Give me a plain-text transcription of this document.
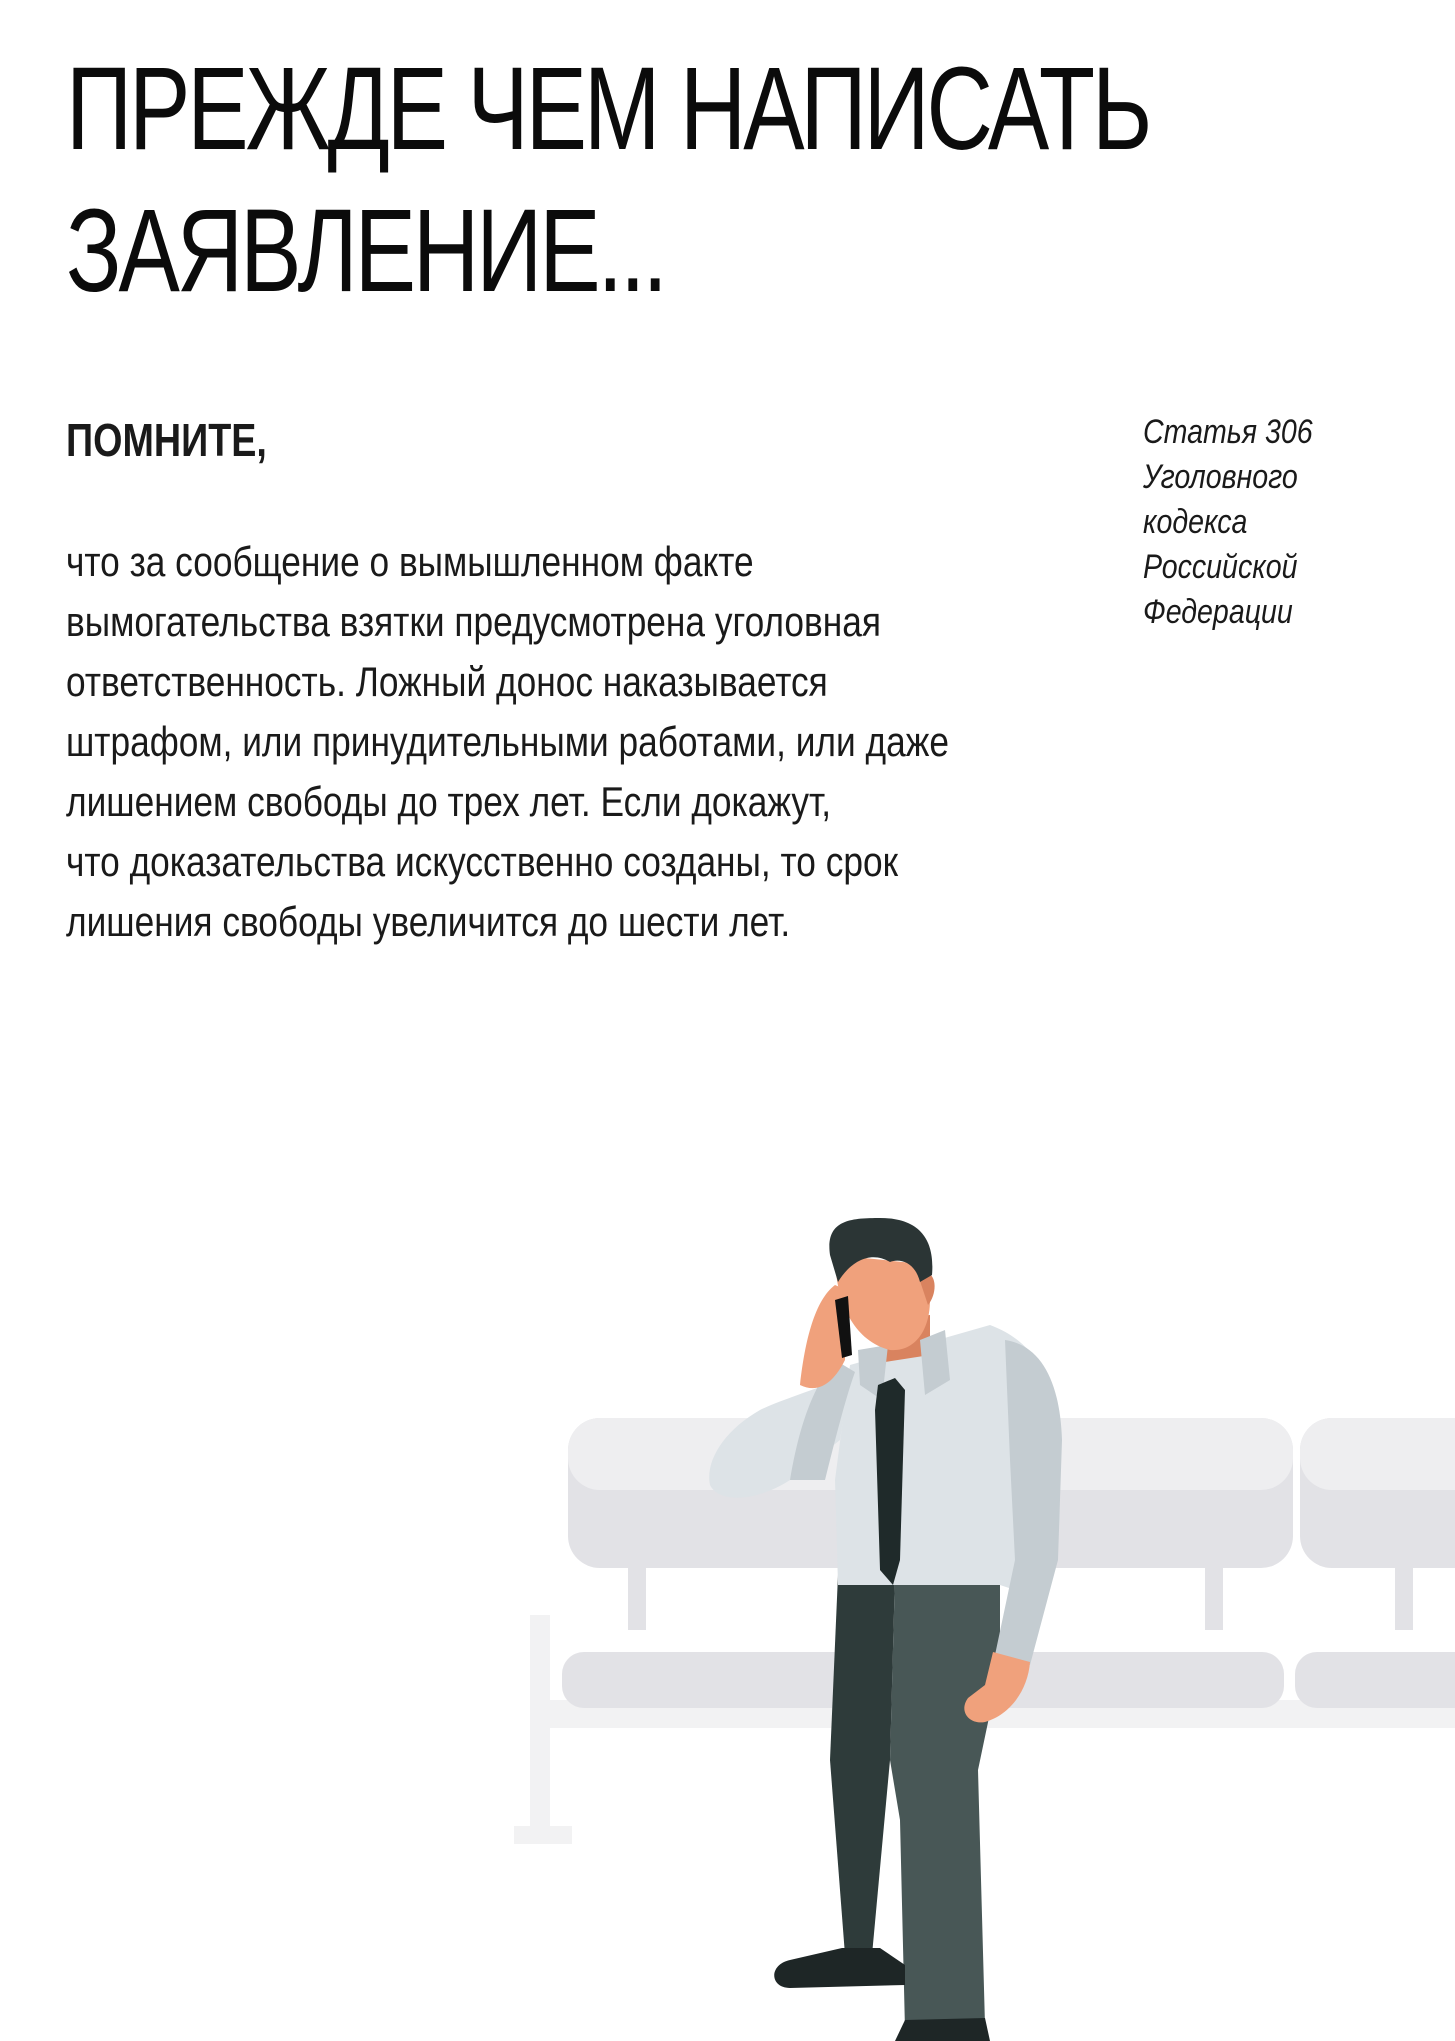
ПРЕЖДЕ ЧЕМ НАПИСАТЬ
ЗАЯВЛЕНИЕ...
ПОМНИТЕ,

что за сообщение о вымышленном факте
вымогательства взятки предусмотрена уголовная
ответственность. Ложный донос наказывается
штрафом, или принудительными работами, или даже
лишением свободы до трех лет. Если докажут,
что доказательства искусственно созданы, то срок
лишения свободы увеличится до шести лет.

Статья 306
Уголовного
кодекса
Российской
Федерации
